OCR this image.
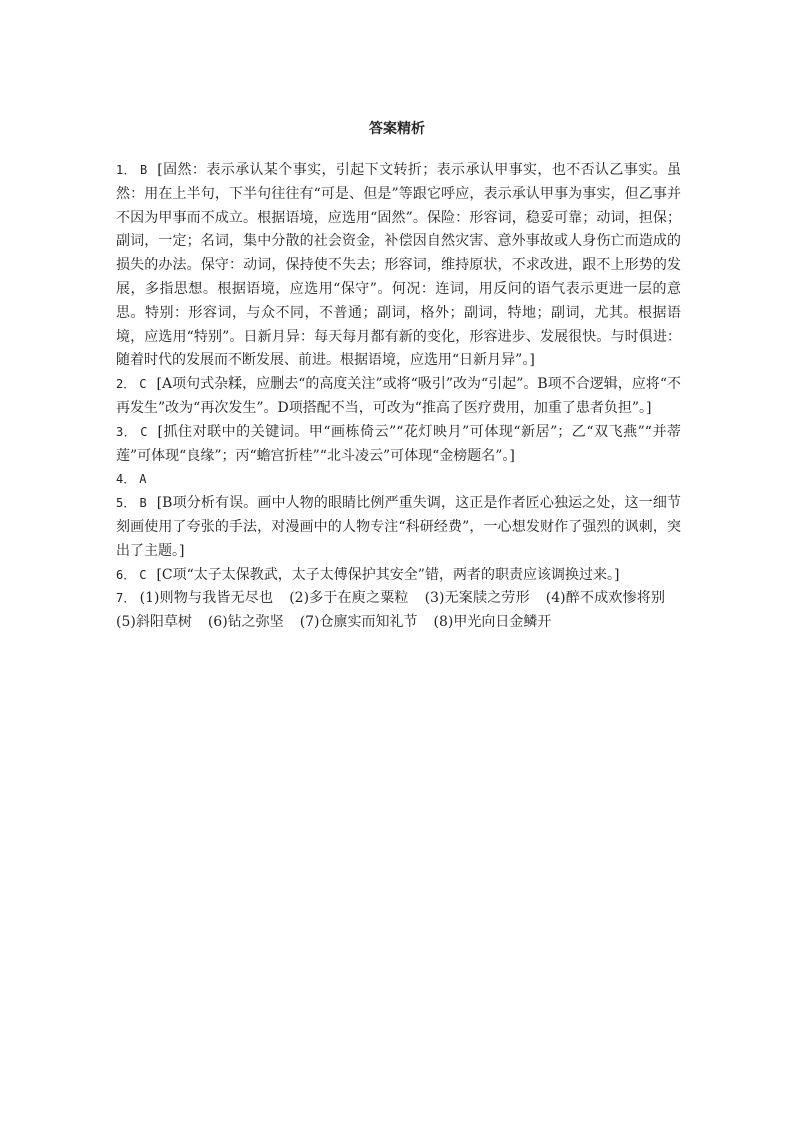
答案精析

1． B [固然：表示承认某个事实，引起下文转折；表示承认甲事实，也不否认乙事实。虽然：用在上半句，下半句往往有“可是、但是”等跟它呼应，表示承认甲事为事实，但乙事并不因为甲事而不成立。根据语境，应选用“固然”。保险：形容词，稳妥可靠；动词，担保；副词，一定；名词，集中分散的社会资金，补偿因自然灾害、意外事故或人身伤亡而造成的损失的办法。保守：动词，保持使不失去；形容词，维持原状，不求改进，跟不上形势的发展，多指思想。根据语境，应选用“保守”。何况：连词，用反问的语气表示更进一层的意思。特别：形容词，与众不同，不普通；副词，格外；副词，特地；副词，尤其。根据语境，应选用“特别”。日新月异：每天每月都有新的变化，形容进步、发展很快。与时俱进：随着时代的发展而不断发展、前进。根据语境，应选用“日新月异”。]

2． C [A项句式杂糅，应删去“的高度关注”或将“吸引”改为“引起”。B项不合逻辑，应将“不再发生”改为“再次发生”。D项搭配不当，可改为“推高了医疗费用，加重了患者负担”。]

3． C [抓住对联中的关键词。甲“画栋倚云”“花灯映月”可体现“新居”；乙“双飞燕”“并蒂莲”可体现“良缘”；丙“蟾宫折桂”“北斗凌云”可体现“金榜题名”。]

4． A

5． B [B项分析有误。画中人物的眼睛比例严重失调，这正是作者匠心独运之处，这一细节刻画使用了夸张的手法，对漫画中的人物专注“科研经费”，一心想发财作了强烈的讽刺，突出了主题。]

6． C [C项“太子太保教武，太子太傅保护其安全”错，两者的职责应该调换过来。]

7． (1)则物与我皆无尽也 (2)多于在庾之粟粒 (3)无案牍之劳形 (4)醉不成欢惨将别(5)斜阳草树 (6)钻之弥坚 (7)仓廪实而知礼节 (8)甲光向日金鳞开
